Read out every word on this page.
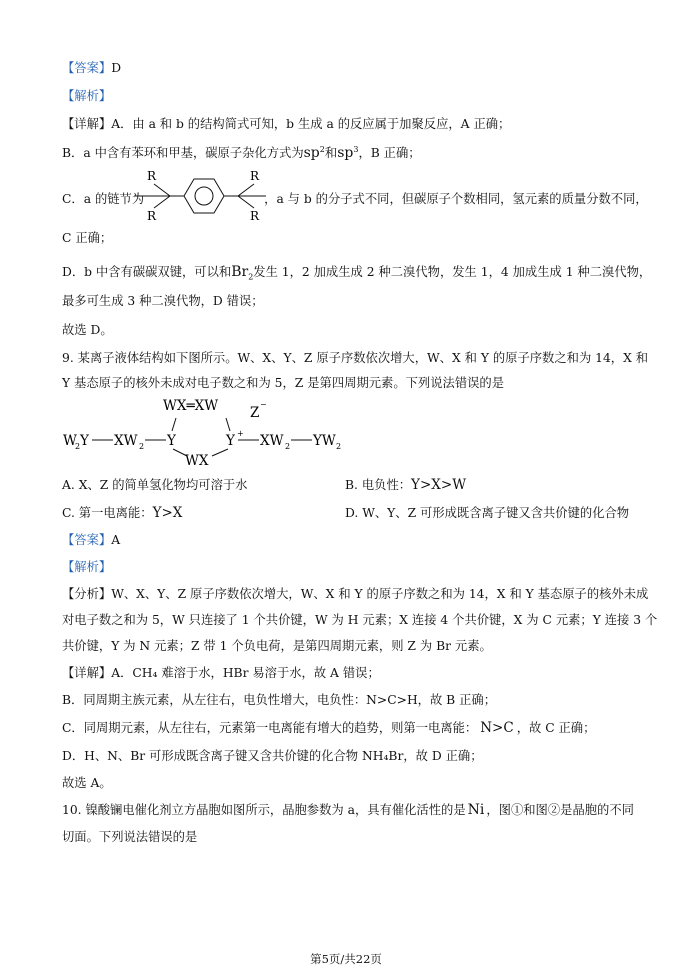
【答案】D
【解析】
【详解】A．由 a 和 b 的结构简式可知，b 生成 a 的反应属于加聚反应，A 正确；
B．a 中含有苯环和甲基，碳原子杂化方式为$sp^2$和$sp^3$，B 正确；
C．a 的链节为	，a 与 b 的分子式不同，但碳原子个数相同，氢元素的质量分数不同，
R
R
R
R
C 正确；
D．b 中含有碳碳双键，可以和$Br_2$发生 1，2 加成生成 2 种二溴代物，发生 1，4 加成生成 1 种二溴代物，
最多可生成 3 种二溴代物，D 错误；
故选 D。
9. 某离子液体结构如下图所示。W、X、Y、Z 原子序数依次增大，W、X 和 Y 的原子序数之和为 14，X 和
Y 基态原子的核外未成对电子数之和为 5，Z 是第四周期元素。下列说法错误的是
WX═XW Z
−
W
2 Y XW 2 Y
WX
Y + XW 2 YW 2
A. X、Z 的简单氢化物均可溶于水	B. 电负性：Y>X>W
C. 第一电离能：Y>X	D. W、Y、Z 可形成既含离子键又含共价键的化合物
【答案】A
【解析】
【分析】W、X、Y、Z 原子序数依次增大，W、X 和 Y 的原子序数之和为 14，X 和 Y 基态原子的核外未成
对电子数之和为 5，W 只连接了 1 个共价键，W 为 H 元素；X 连接 4 个共价键，X 为 C 元素；Y 连接 3 个
共价键，Y 为 N 元素；Z 带 1 个负电荷，是第四周期元素，则 Z 为 Br 元素。
【详解】A．CH₄ 难溶于水，HBr 易溶于水，故 A 错误；
B．同周期主族元素，从左往右，电负性增大，电负性：N>C>H，故 B 正确；
C．同周期元素，从左往右，元素第一电离能有增大的趋势，则第一电离能： N>C ，故 C 正确；
D．H、N、Br 可形成既含离子键又含共价键的化合物 NH₄Br，故 D 正确；
故选 A。
10. 镍酸镧电催化剂立方晶胞如图所示，晶胞参数为 a，具有催化活性的是 Ni ，图①和图②是晶胞的不同
切面。下列说法错误的是
第5页/共22页
